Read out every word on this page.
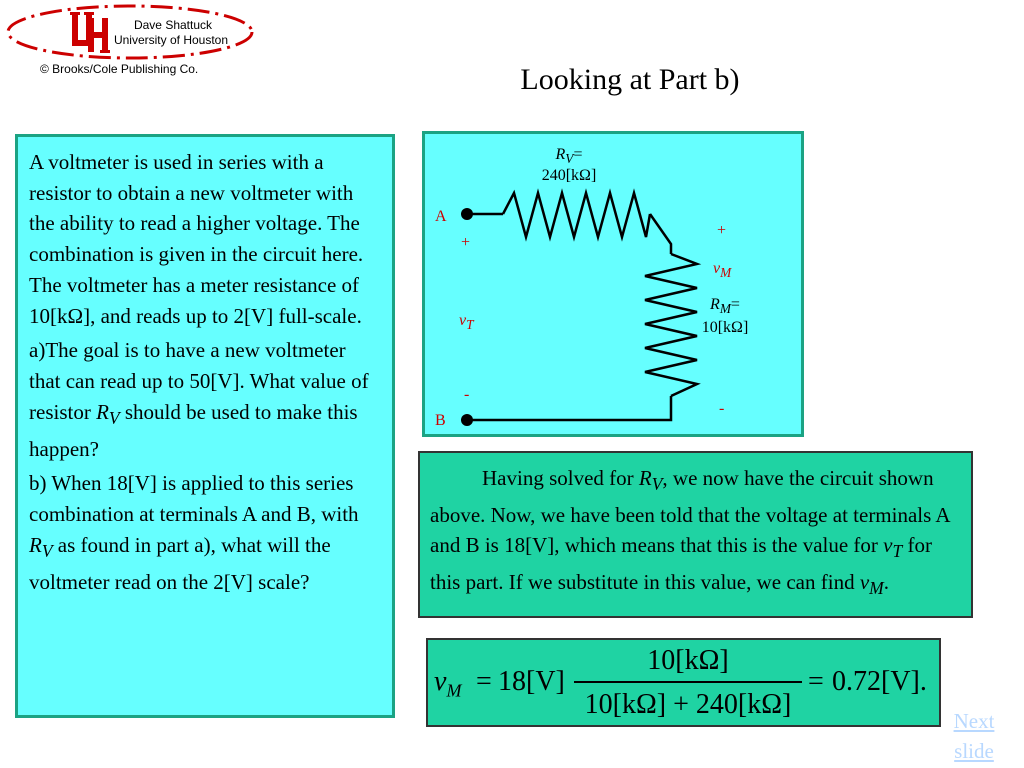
Dave Shattuck
University of Houston
© Brooks/Cole Publishing Co.	Looking at Part b)

A voltmeter is used in series with a resistor to obtain a new voltmeter with the ability to read a higher voltage. The combination is given in the circuit here. The voltmeter has a meter resistance of 10[kΩ], and reads up to 2[V] full-scale.

a)The goal is to have a new voltmeter that can read up to 50[V]. What value of resistor $R_V$ should be used to make this happen?

b) When 18[V] is applied to this series combination at terminals A and B, with $R_V$ as found in part a), what will the voltmeter read on the 2[V] scale?

$R_V=$
240[kΩ]
A
B
+
$v_T$
-
+
$v_M$
-
$R_M=$
10[kΩ]
Having solved for $R_V$, we now have the circuit shown above. Now, we have been told that the voltage at terminals A and B is 18[V], which means that this is the value for $v_T$ for this part. If we substitute in this value, we can find $v_M$.
$v_M = 18[V]$
10[kΩ]
10[kΩ] + 240[kΩ]
= 0.72[V].
Next slide
